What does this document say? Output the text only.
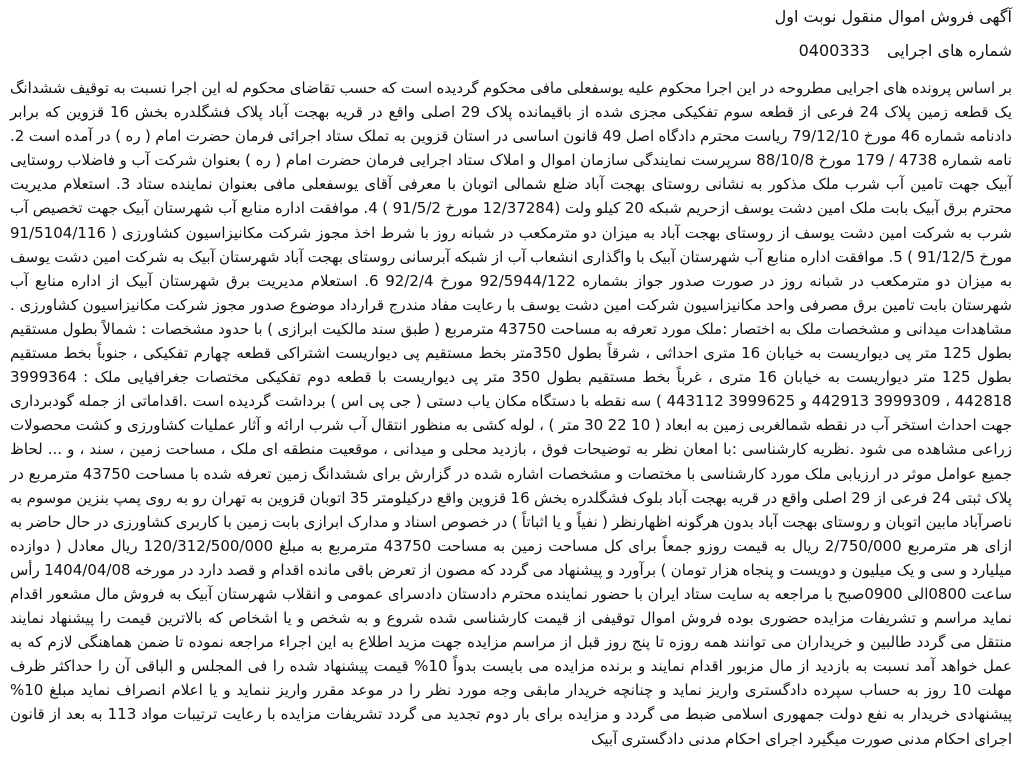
آگهی فروش اموال منقول نوبت اول
شماره های اجرایی 0400333

بر اساس پرونده های اجرایی مطروحه در این اجرا محکوم علیه یوسفعلی مافی محکوم گردیده است که حسب تقاضای محکوم له این اجرا نسبت به توقیف ششدانگ یک قطعه زمین پلاک 24 فرعی از قطعه سوم تفکیکی مجزی شده از باقیمانده پلاک 29 اصلی واقع در قریه بهجت آباد پلاک فشگلدره بخش 16 قزوین که برابر دادنامه شماره 46 مورخ 79/12/10 ریاست محترم دادگاه اصل 49 قانون اساسی در استان قزوین به تملک ستاد اجرائی فرمان حضرت امام ( ره ) در آمده است 2. نامه شماره 4738 / 179 مورخ 88/10/8 سرپرست نمایندگی سازمان اموال و املاک ستاد اجرایی فرمان حضرت امام ( ره ) بعنوان شرکت آب و فاضلاب روستایی آبیک جهت تامین آب شرب ملک مذکور به نشانی روستای بهجت آباد ضلع شمالی اتوبان با معرفی آقای یوسفعلی مافی بعنوان نماینده ستاد 3. استعلام مدیریت محترم برق آبیک بابت ملک امین دشت یوسف ازحریم شبکه 20 کیلو ولت (12/37284 مورخ 91/5/2 ) 4. موافقت اداره منابع آب شهرستان آبیک جهت تخصیص آب شرب به شرکت امین دشت یوسف از روستای بهجت آباد به میزان دو مترمکعب در شبانه روز با شرط اخذ مجوز شرکت مکانیزاسیون کشاورزی ( 91/5104/116 مورخ 91/12/5 ) 5. موافقت اداره منابع آب شهرستان آبیک با واگذاری انشعاب آب از شبکه آبرسانی روستای بهجت آباد شهرستان آبیک به شرکت امین دشت یوسف به میزان دو مترمکعب در شبانه روز در صورت صدور جواز بشماره 92/5944/122 مورخ 92/2/4 6. استعلام مدیریت برق شهرستان آبیک از اداره منابع آب شهرستان بابت تامین برق مصرفی واحد مکانیزاسیون شرکت امین دشت یوسف با رعایت مفاد مندرج قرارداد موضوع صدور مجوز شرکت مکانیزاسیون کشاورزی . مشاهدات میدانی و مشخصات ملک به اختصار :ملک مورد تعرفه به مساحت 43750 مترمربع ( طبق سند مالکیت ابرازی ) با حدود مشخصات : شمالاً بطول مستقیم بطول 125 متر پی دیواریست به خیابان 16 متری احداثی ، شرقاً بطول 350متر بخط مستقیم پی دیواریست اشتراکی قطعه چهارم تفکیکی ، جنوباً بخط مستقیم بطول 125 متر دیواریست به خیابان 16 متری ، غرباً بخط مستقیم بطول 350 متر پی دیواریست با قطعه دوم تفکیکی مختصات جغرافیایی ملک : 3999364 442818 ، 3999309 442913 و 3999625 443112 ) سه نقطه با دستگاه مکان یاب دستی ( جی پی اس ) برداشت گردیده است .اقداماتی از جمله گودبرداری جهت احداث استخر آب در نقطه شمالغربی زمین به ابعاد ( 10 22 30 متر ) ، لوله کشی به منظور انتقال آب شرب ارائه و آثار عملیات کشاورزی و کشت محصولات زراعی مشاهده می شود .نظریه کارشناسی :با امعان نظر به توضیحات فوق ، بازدید محلی و میدانی ، موقعیت منطقه ای ملک ، مساحت زمین ، سند ، و ... لحاظ جمیع عوامل موثر در ارزیابی ملک مورد کارشناسی با مختصات و مشخصات اشاره شده در گزارش برای ششدانگ زمین تعرفه شده با مساحت 43750 مترمربع در پلاک ثبتی 24 فرعی از 29 اصلی واقع در قریه بهجت آباد بلوک فشگلدره بخش 16 قزوین واقع درکیلومتر 35 اتوبان قزوین به تهران رو به روی پمپ بنزین موسوم به ناصرآباد مابین اتوبان و روستای بهجت آباد بدون هرگونه اظهارنظر ( نفیاً و یا اثباتاً ) در خصوص اسناد و مدارک ابرازی بابت زمین با کاربری کشاورزی در حال حاضر به ازای هر مترمربع 2/750/000 ریال به قیمت روزو جمعاً برای کل مساحت زمین به مساحت 43750 مترمربع به مبلغ 120/312/500/000 ریال معادل ( دوازده میلیارد و سی و یک میلیون و دویست و پنجاه هزار تومان ) برآورد و پیشنهاد می گردد که مصون از تعرض باقی مانده اقدام و قصد دارد در مورخه 1404/04/08 رأس ساعت 0800الی 0900صبح با مراجعه به سایت ستاد ایران با حضور نماینده محترم دادستان دادسرای عمومی و انقلاب شهرستان آبیک به فروش مال مشعور اقدام نماید مراسم و تشریفات مزایده حضوری بوده فروش اموال توقیفی از قیمت کارشناسی شده شروع و به شخص و یا اشخاص که بالاترین قیمت را پیشنهاد نمایند منتقل می گردد طالبین و خریداران می توانند همه روزه تا پنج روز قبل از مراسم مزایده جهت مزید اطلاع به این اجراء مراجعه نموده تا ضمن هماهنگی لازم که به عمل خواهد آمد نسبت به بازدید از مال مزبور اقدام نمایند و برنده مزایده می بایست بدواً 10% قیمت پیشنهاد شده را فی المجلس و الباقی آن را حداکثر ظرف مهلت 10 روز به حساب سپرده دادگستری واریز نماید و چنانچه خریدار مابقی وجه مورد نظر را در موعد مقرر واریز ننماید و یا اعلام انصراف نماید مبلغ 10% پیشنهادی خریدار به نفع دولت جمهوری اسلامی ضبط می گردد و مزایده برای بار دوم تجدید می گردد تشریفات مزایده با رعایت ترتیبات مواد 113 به بعد از قانون اجرای احکام مدنی صورت میگیرد اجرای احکام مدنی دادگستری آبیک
